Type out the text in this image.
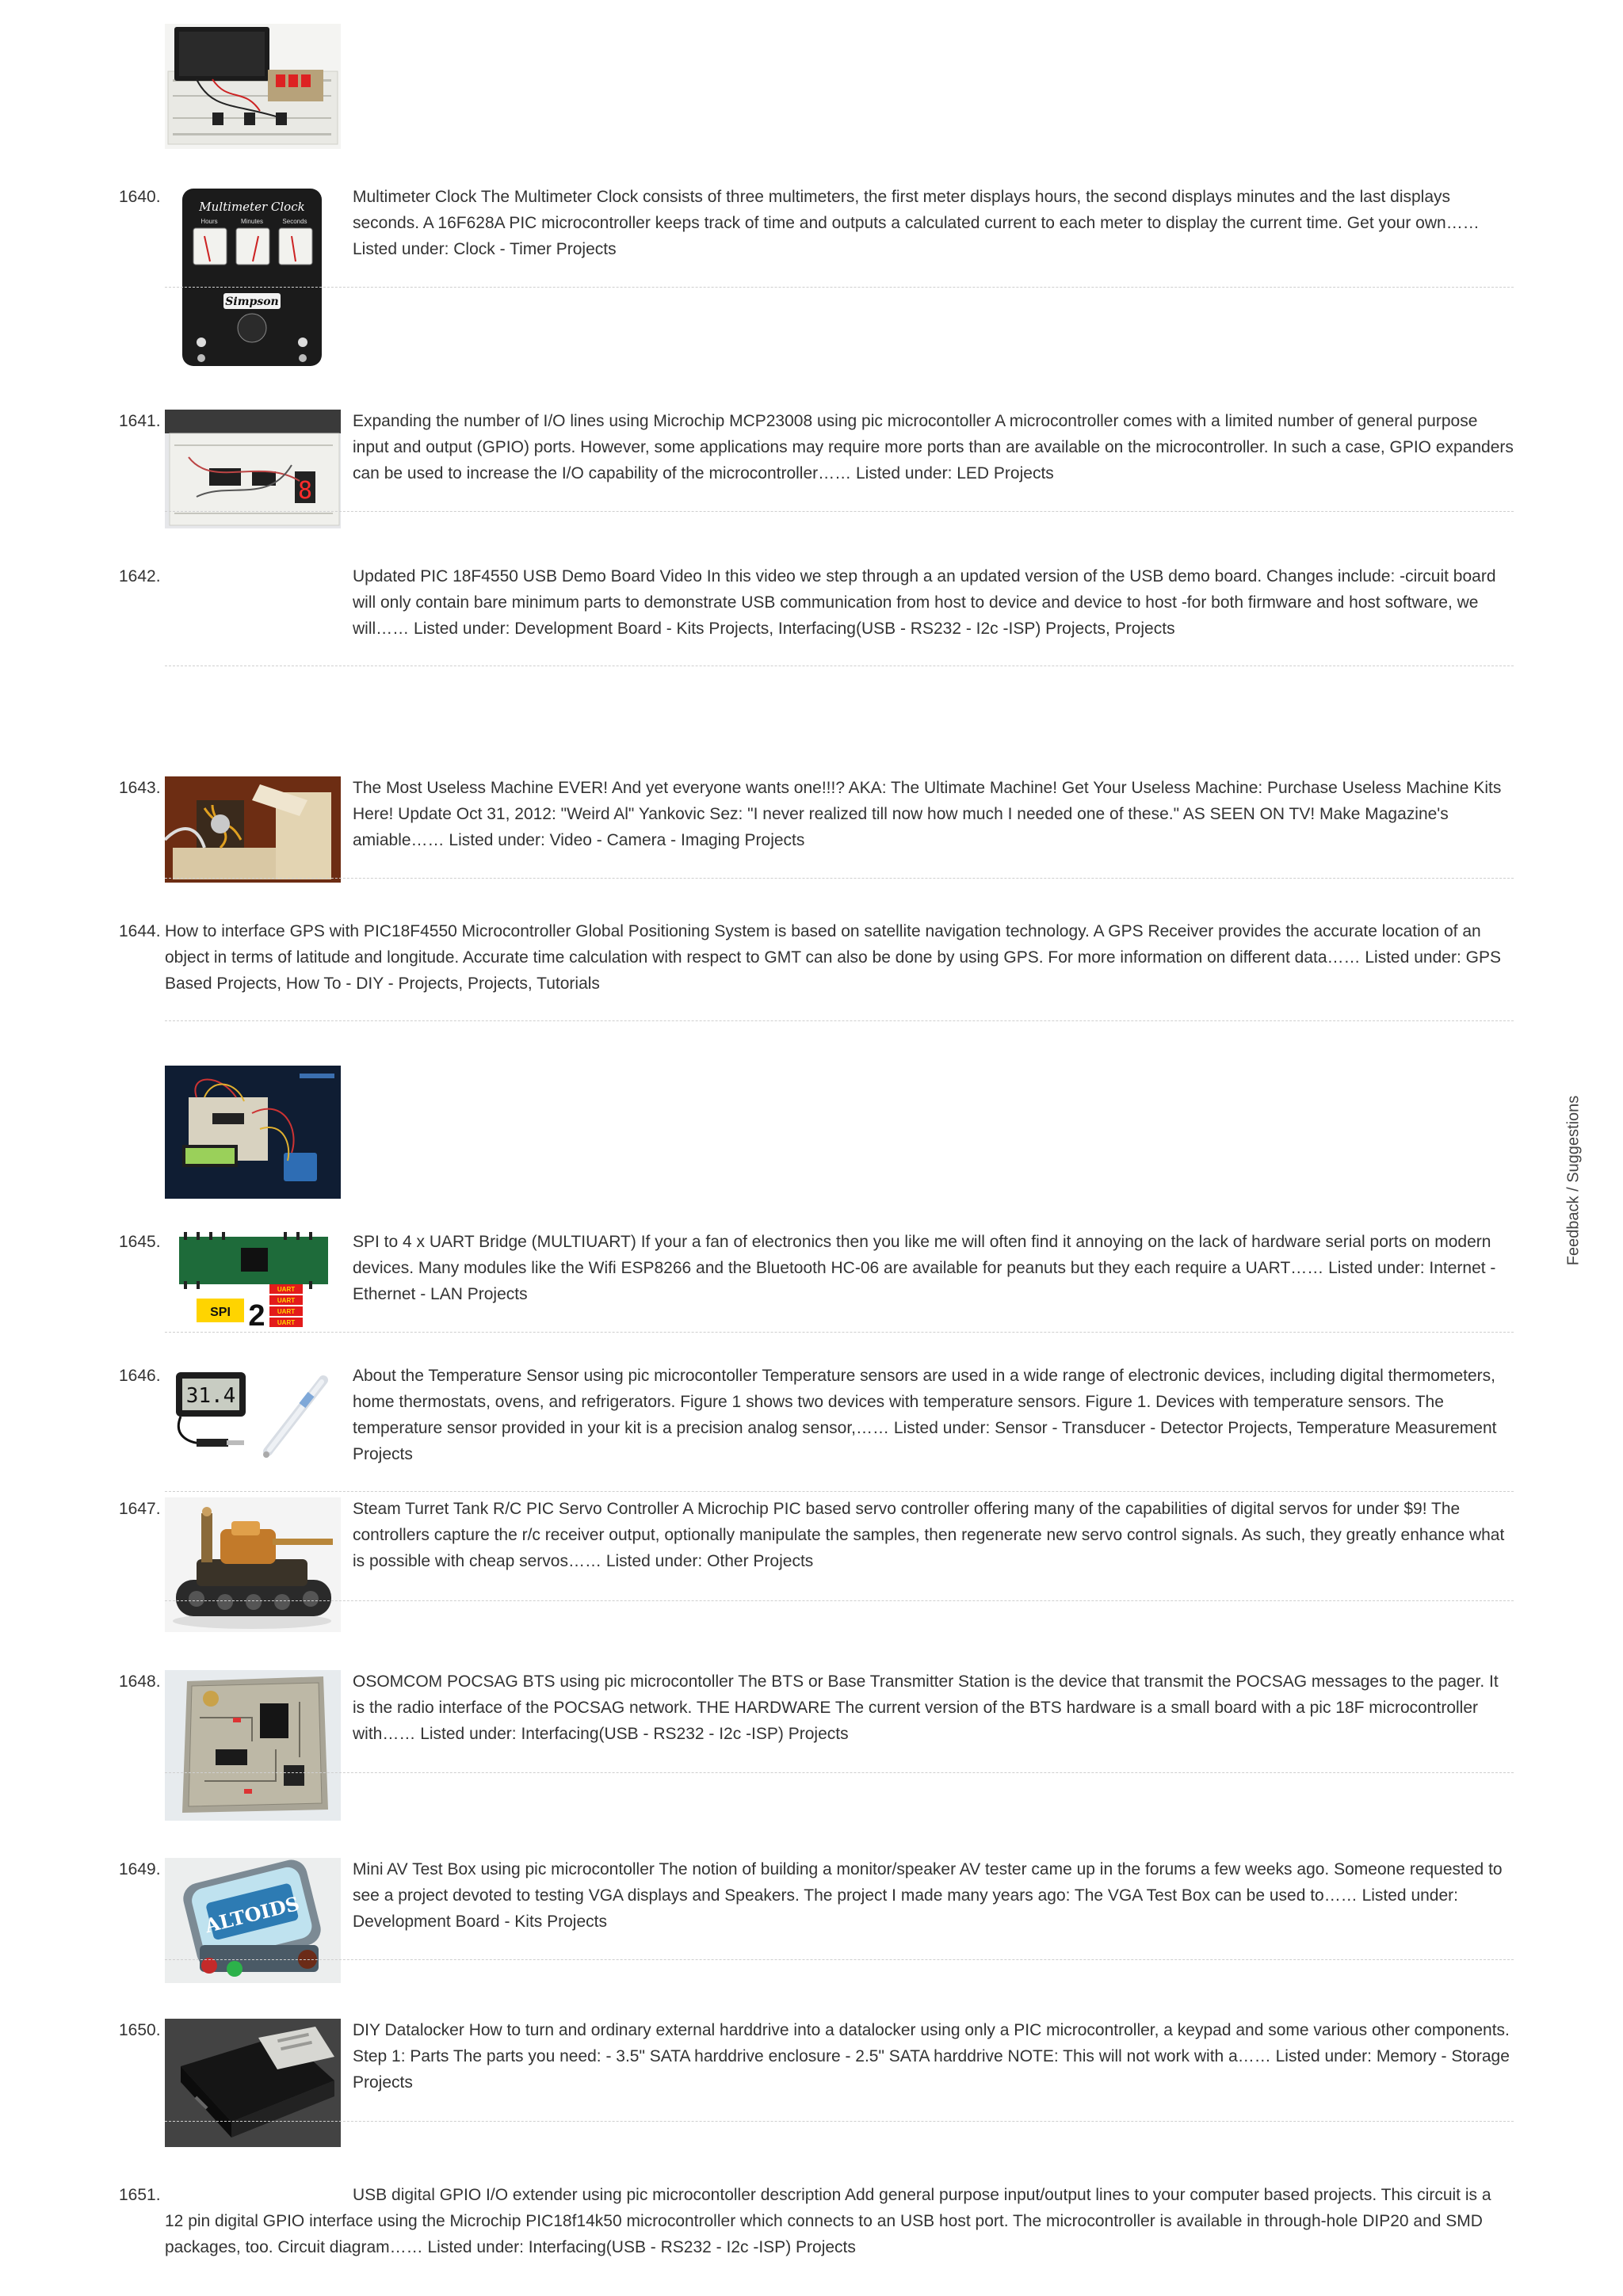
1640.
Multimeter Clock
Hours	Minutes	Seconds
Simpson
Multimeter Clock The Multimeter Clock consists of three multimeters, the first meter displays hours, the second displays minutes and the last displays seconds. A 16F628A PIC microcontroller keeps track of time and outputs a calculated current to each meter to display the current time. Get your own…… Listed under: Clock - Timer Projects
1641.
8
Expanding the number of I/O lines using Microchip MCP23008 using pic microcontoller A microcontroller comes with a limited number of general purpose input and output (GPIO) ports. However, some applications may require more ports than are available on the microcontroller. In such a case, GPIO expanders can be used to increase the I/O capability of the microcontroller…… Listed under: LED Projects
1642.	Updated PIC 18F4550 USB Demo Board Video In this video we step through a an updated version of the USB demo board. Changes include: -circuit board will only contain bare minimum parts to demonstrate USB communication from host to device and device to host -for both firmware and host software, we will…… Listed under: Development Board - Kits Projects, Interfacing(USB - RS232 - I2c -ISP) Projects, Projects
1643.	The Most Useless Machine EVER! And yet everyone wants one!!!? AKA: The Ultimate Machine! Get Your Useless Machine: Purchase Useless Machine Kits Here! Update Oct 31, 2012: "Weird Al" Yankovic Sez: "I never realized till now how much I needed one of these." AS SEEN ON TV! Make Magazine's amiable…… Listed under: Video - Camera - Imaging Projects
1644. How to interface GPS with PIC18F4550 Microcontroller Global Positioning System is based on satellite navigation technology. A GPS Receiver provides the accurate location of an object in terms of latitude and longitude. Accurate time calculation with respect to GMT can also be done by using GPS. For more information on different data…… Listed under: GPS Based Projects, How To - DIY - Projects, Projects, Tutorials
1645.
SPI 2
UART
UART
UART
UART
SPI to 4 x UART Bridge (MULTIUART) If your a fan of electronics then you like me will often find it annoying on the lack of hardware serial ports on modern devices. Many modules like the Wifi ESP8266 and the Bluetooth HC-06 are available for peanuts but they each require a UART…… Listed under: Internet - Ethernet - LAN Projects
1646.
31.4
About the Temperature Sensor using pic microcontoller Temperature sensors are used in a wide range of electronic devices, including digital thermometers, home thermostats, ovens, and refrigerators. Figure 1 shows two devices with temperature sensors. Figure 1. Devices with temperature sensors. The temperature sensor provided in your kit is a precision analog sensor,…… Listed under: Sensor - Transducer - Detector Projects, Temperature Measurement Projects
1647.	Steam Turret Tank R/C PIC Servo Controller A Microchip PIC based servo controller offering many of the capabilities of digital servos for under $9! The controllers capture the r/c receiver output, optionally manipulate the samples, then regenerate new servo control signals. As such, they greatly enhance what is possible with cheap servos…… Listed under: Other Projects
1648.	OSOMCOM POCSAG BTS using pic microcontoller The BTS or Base Transmitter Station is the device that transmit the POCSAG messages to the pager. It is the radio interface of the POCSAG network. THE HARDWARE The current version of the BTS hardware is a small board with a pic 18F microcontroller with…… Listed under: Interfacing(USB - RS232 - I2c -ISP) Projects
1649.
ALTOIDS
Mini AV Test Box using pic microcontoller The notion of building a monitor/speaker AV tester came up in the forums a few weeks ago. Someone requested to see a project devoted to testing VGA displays and Speakers. The project I made many years ago: The VGA Test Box can be used to…… Listed under: Development Board - Kits Projects
1650.	DIY Datalocker How to turn and ordinary external harddrive into a datalocker using only a PIC microcontroller, a keypad and some various other components. Step 1: Parts The parts you need: - 3.5" SATA harddrive enclosure - 2.5" SATA harddrive NOTE: This will not work with a…… Listed under: Memory - Storage Projects
1651.	USB digital GPIO I/O extender using pic microcontoller description Add general purpose input/output lines to your computer based projects. This circuit is a 12 pin digital GPIO interface using the Microchip PIC18f14k50 microcontroller which connects to an USB host port. The microcontroller is available in through-hole DIP20 and SMD packages, too. Circuit diagram…… Listed under: Interfacing(USB - RS232 - I2c -ISP) Projects
Feedback / Suggestions
